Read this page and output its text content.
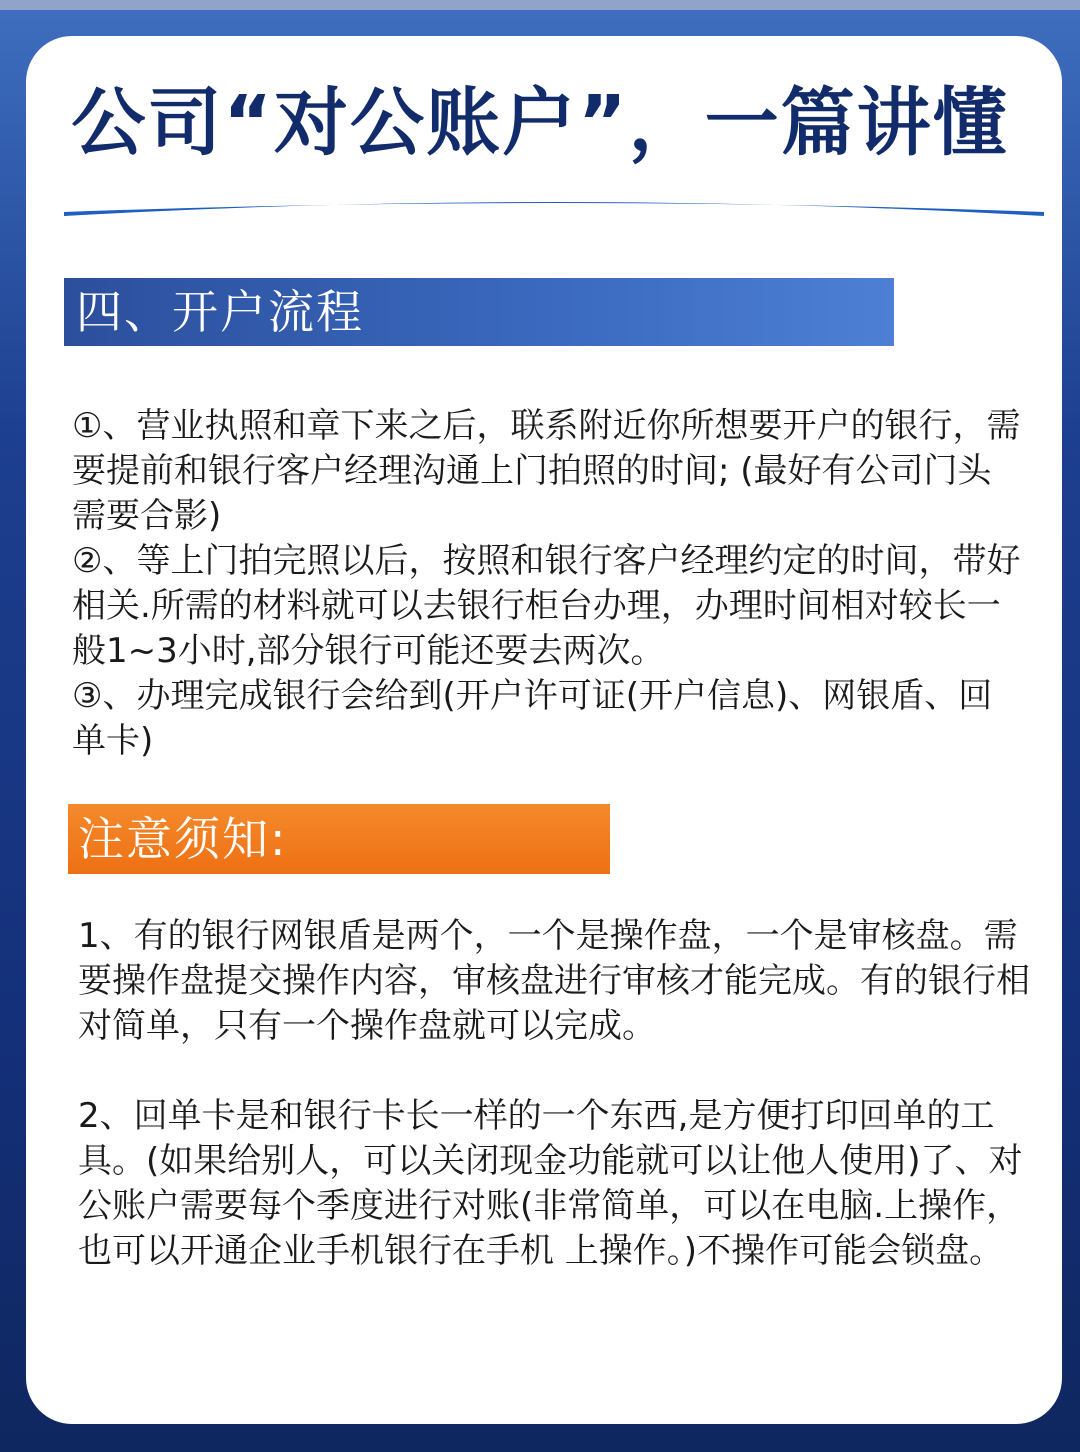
公司“对公账户”，一篇讲懂
四、开户流程

①、营业执照和章下来之后，联系附近你所想要开户的银行，需要提前和银行客户经理沟通上门拍照的时间; (最好有公司门头 需要合影)

②、等上门拍完照以后，按照和银行客户经理约定的时间，带好相关.所需的材料就可以去银行柜台办理，办理时间相对较长一般1~3小时,部分银行可能还要去两次。

③、办理完成银行会给到(开户许可证(开户信息)、网银盾、回单卡)

注意须知:

1、有的银行网银盾是两个，一个是操作盘，一个是审核盘。需要操作盘提交操作内容，审核盘进行审核才能完成。有的银行相对简单，只有一个操作盘就可以完成。

2、回单卡是和银行卡长一样的一个东西,是方便打印回单的工具。(如果给别人，可以关闭现金功能就可以让他人使用)了、对公账户需要每个季度进行对账(非常简单，可以在电脑.上操作，也可以开通企业手机银行在手机 上操作。)不操作可能会锁盘。
